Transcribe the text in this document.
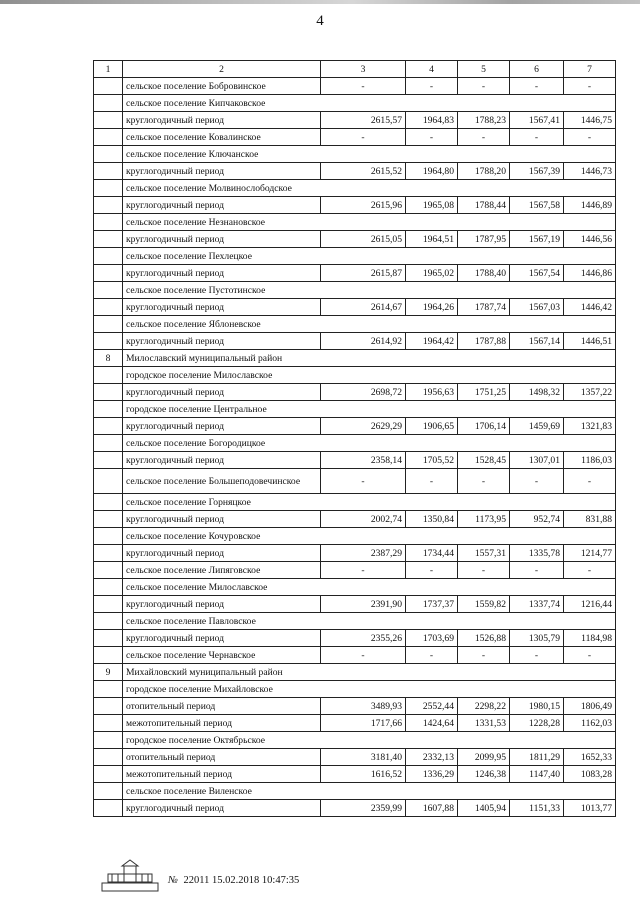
4
1	2	3	4	5	6	7
	сельское поселение Бобровинское	-	-	-	-	-
	сельское поселение Кипчаковское					
	круглогодичный период	2615,57	1964,83	1788,23	1567,41	1446,75
	сельское поселение Ковалинское	-	-	-	-	-
	сельское поселение Ключанское					
	круглогодичный период	2615,52	1964,80	1788,20	1567,39	1446,73
	сельское поселение Молвинослободское					
	круглогодичный период	2615,96	1965,08	1788,44	1567,58	1446,89
	сельское поселение Незнановское					
	круглогодичный период	2615,05	1964,51	1787,95	1567,19	1446,56
	сельское поселение Пехлецкое					
	круглогодичный период	2615,87	1965,02	1788,40	1567,54	1446,86
	сельское поселение Пустотинское					
	круглогодичный период	2614,67	1964,26	1787,74	1567,03	1446,42
	сельское поселение Яблоневское					
	круглогодичный период	2614,92	1964,42	1787,88	1567,14	1446,51
8	Милославский муниципальный район					
	городское поселение Милославское					
	круглогодичный период	2698,72	1956,63	1751,25	1498,32	1357,22
	городское поселение Центральное					
	круглогодичный период	2629,29	1906,65	1706,14	1459,69	1321,83
	сельское поселение Богородицкое					
	круглогодичный период	2358,14	1705,52	1528,45	1307,01	1186,03
	сельское поселение Большеподовечинское	-	-	-	-	-
	сельское поселение Горняцкое					
	круглогодичный период	2002,74	1350,84	1173,95	952,74	831,88
	сельское поселение Кочуровское					
	круглогодичный период	2387,29	1734,44	1557,31	1335,78	1214,77
	сельское поселение Липяговское	-	-	-	-	-
	сельское поселение Милославское					
	круглогодичный период	2391,90	1737,37	1559,82	1337,74	1216,44
	сельское поселение Павловское					
	круглогодичный период	2355,26	1703,69	1526,88	1305,79	1184,98
	сельское поселение Чернавское	-	-	-	-	-
9	Михайловский муниципальный район					
	городское поселение Михайловское					
	отопительный период	3489,93	2552,44	2298,22	1980,15	1806,49
	межотопительный период	1717,66	1424,64	1331,53	1228,28	1162,03
	городское поселение Октябрьское					
	отопительный период	3181,40	2332,13	2099,95	1811,29	1652,33
	межотопительный период	1616,52	1336,29	1246,38	1147,40	1083,28
	сельское поселение Виленское					
	круглогодичный период	2359,99	1607,88	1405,94	1151,33	1013,77
№ 22011 15.02.2018 10:47:35
